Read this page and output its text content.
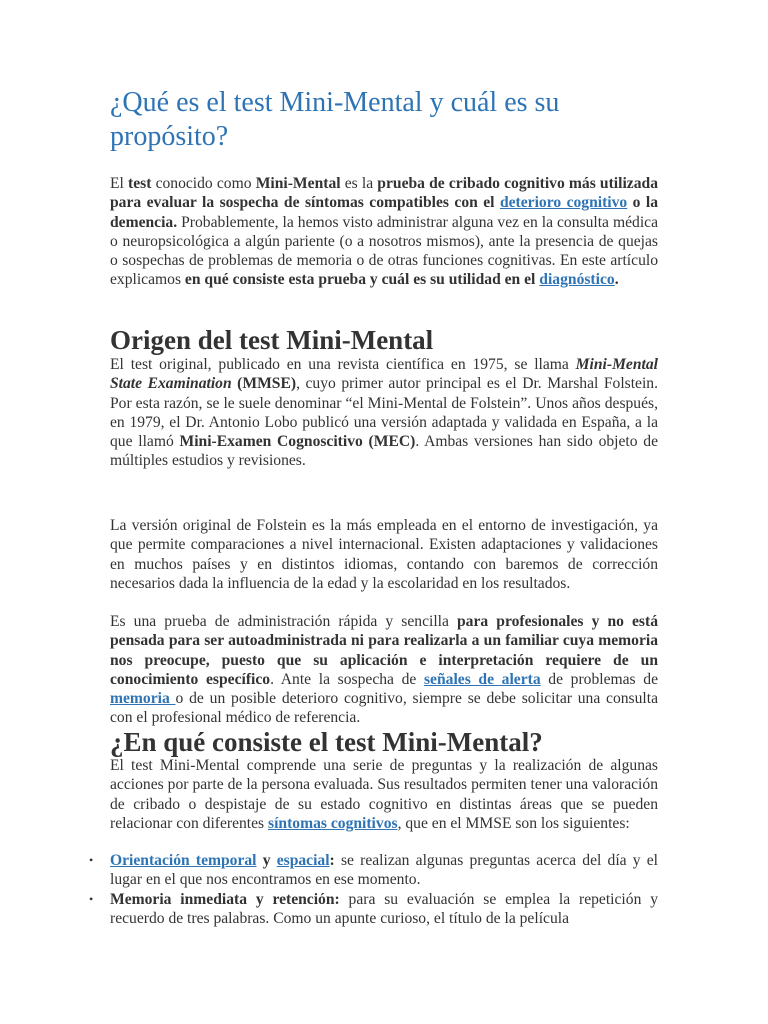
¿Qué es el test Mini-Mental y cuál es su propósito?

El test conocido como Mini-Mental es la prueba de cribado cognitivo más utilizada para evaluar la sospecha de síntomas compatibles con el deterioro cognitivo o la demencia. Probablemente, la hemos visto administrar alguna vez en la consulta médica o neuropsicológica a algún pariente (o a nosotros mismos), ante la presencia de quejas o sospechas de problemas de memoria o de otras funciones cognitivas. En este artículo explicamos en qué consiste esta prueba y cuál es su utilidad en el diagnóstico.

Origen del test Mini-Mental

El test original, publicado en una revista científica en 1975, se llama Mini-Mental State Examination (MMSE), cuyo primer autor principal es el Dr. Marshal Folstein. Por esta razón, se le suele denominar “el Mini-Mental de Folstein”. Unos años después, en 1979, el Dr. Antonio Lobo publicó una versión adaptada y validada en España, a la que llamó Mini-Examen Cognoscitivo (MEC). Ambas versiones han sido objeto de múltiples estudios y revisiones.

La versión original de Folstein es la más empleada en el entorno de investigación, ya que permite comparaciones a nivel internacional. Existen adaptaciones y validaciones en muchos países y en distintos idiomas, contando con baremos de corrección necesarios dada la influencia de la edad y la escolaridad en los resultados.

Es una prueba de administración rápida y sencilla para profesionales y no está pensada para ser autoadministrada ni para realizarla a un familiar cuya memoria nos preocupe, puesto que su aplicación e interpretación requiere de un conocimiento específico. Ante la sospecha de señales de alerta de problemas de memoria o de un posible deterioro cognitivo, siempre se debe solicitar una consulta con el profesional médico de referencia.

¿En qué consiste el test Mini-Mental?

El test Mini-Mental comprende una serie de preguntas y la realización de algunas acciones por parte de la persona evaluada. Sus resultados permiten tener una valoración de cribado o despistaje de su estado cognitivo en distintas áreas que se pueden relacionar con diferentes síntomas cognitivos, que en el MMSE son los siguientes:

• Orientación temporal y espacial: se realizan algunas preguntas acerca del día y el lugar en el que nos encontramos en ese momento.
• Memoria inmediata y retención: para su evaluación se emplea la repetición y recuerdo de tres palabras. Como un apunte curioso, el título de la película
